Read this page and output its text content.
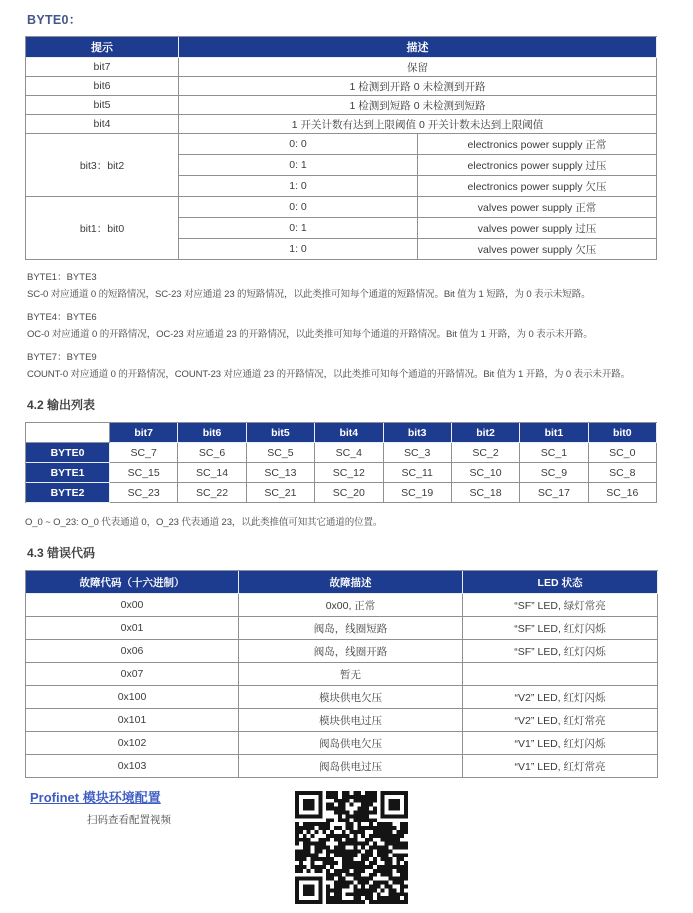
BYTE0：
提示	描述	
bit7	保留	
bit6	1 检测到开路 0 未检测到开路	
bit5	1 检测到短路 0 未检测到短路	
bit4	1 开关计数有达到上限阈值 0 开关计数未达到上限阈值	
bit3：bit2	0: 0	electronics power supply 正常
	0: 1	electronics power supply 过压
	1: 0	electronics power supply 欠压
bit1：bit0	0: 0	valves power supply 正常
	0: 1	valves power supply 过压
	1: 0	valves power supply 欠压
BYTE1：BYTE3
SC-0 对应通道 0 的短路情况，SC-23 对应通道 23 的短路情况，以此类推可知每个通道的短路情况。Bit 值为 1 短路，为 0 表示未短路。
BYTE4：BYTE6
OC-0 对应通道 0 的开路情况，OC-23 对应通道 23 的开路情况，以此类推可知每个通道的开路情况。Bit 值为 1 开路，为 0 表示未开路。
BYTE7：BYTE9
COUNT-0 对应通道 0 的开路情况，COUNT-23 对应通道 23 的开路情况，以此类推可知每个通道的开路情况。Bit 值为 1 开路，为 0 表示未开路。
4.2 输出列表
	bit7	bit6	bit5	bit4	bit3	bit2	bit1	bit0
BYTE0	SC_7	SC_6	SC_5	SC_4	SC_3	SC_2	SC_1	SC_0
BYTE1	SC_15	SC_14	SC_13	SC_12	SC_11	SC_10	SC_9	SC_8
BYTE2	SC_23	SC_22	SC_21	SC_20	SC_19	SC_18	SC_17	SC_16
O_0 ~ O_23: O_0 代表通道 0，O_23 代表通道 23，以此类推值可知其它通道的位置。
4.3 错误代码
故障代码（十六进制）	故障描述	LED 状态
0x00	0x00, 正常	“SF” LED, 绿灯常亮
0x01	阀岛，线圈短路	“SF” LED, 红灯闪烁
0x06	阀岛，线圈开路	“SF” LED, 红灯闪烁
0x07	暂无	
0x100	模块供电欠压	“V2” LED, 红灯闪烁
0x101	模块供电过压	“V2” LED, 红灯常亮
0x102	阀岛供电欠压	“V1” LED, 红灯闪烁
0x103	阀岛供电过压	“V1” LED, 红灯常亮
Profinet 模块环境配置
扫码查看配置视频
